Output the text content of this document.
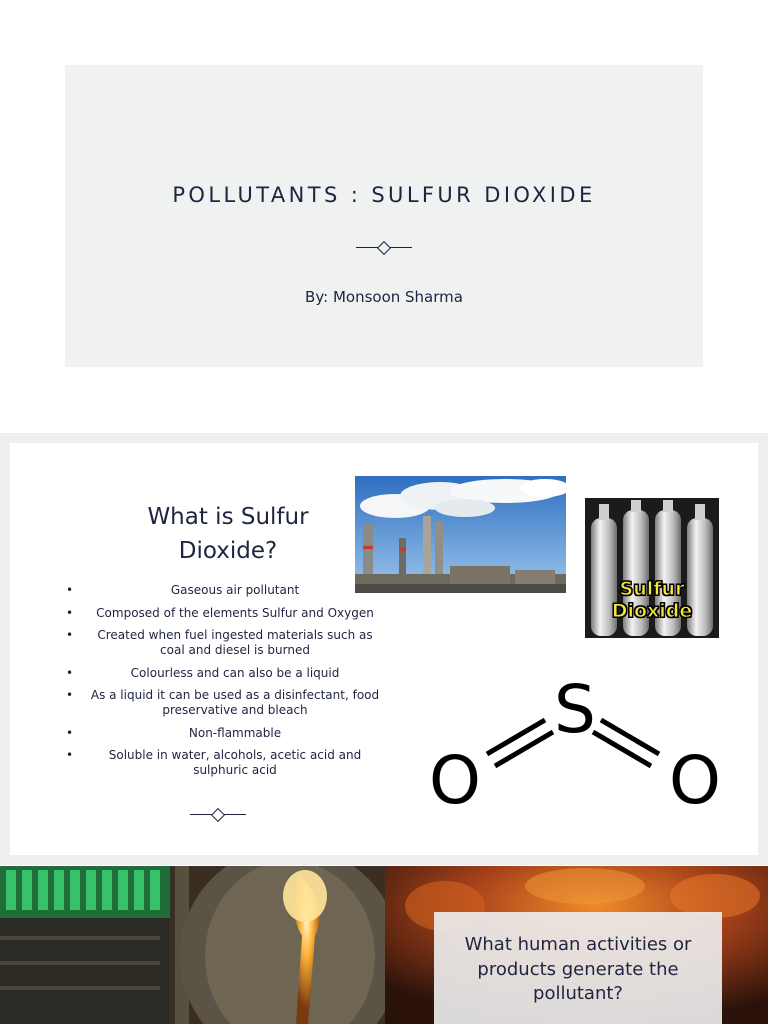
POLLUTANTS : SULFUR DIOXIDE
By: Monsoon Sharma
What is Sulfur
Dioxide?
• Gaseous air pollutant
• Composed of the elements Sulfur and Oxygen
• Created when fuel ingested materials such as coal and diesel is burned
• Colourless and can also be a liquid
• As a liquid it can be used as a disinfectant, food preservative and bleach
• Non-flammable
• Soluble in water, alcohols, acetic acid and sulphuric acid
Sulfur
Dioxide
S
O	O
What human activities or products generate the pollutant?
